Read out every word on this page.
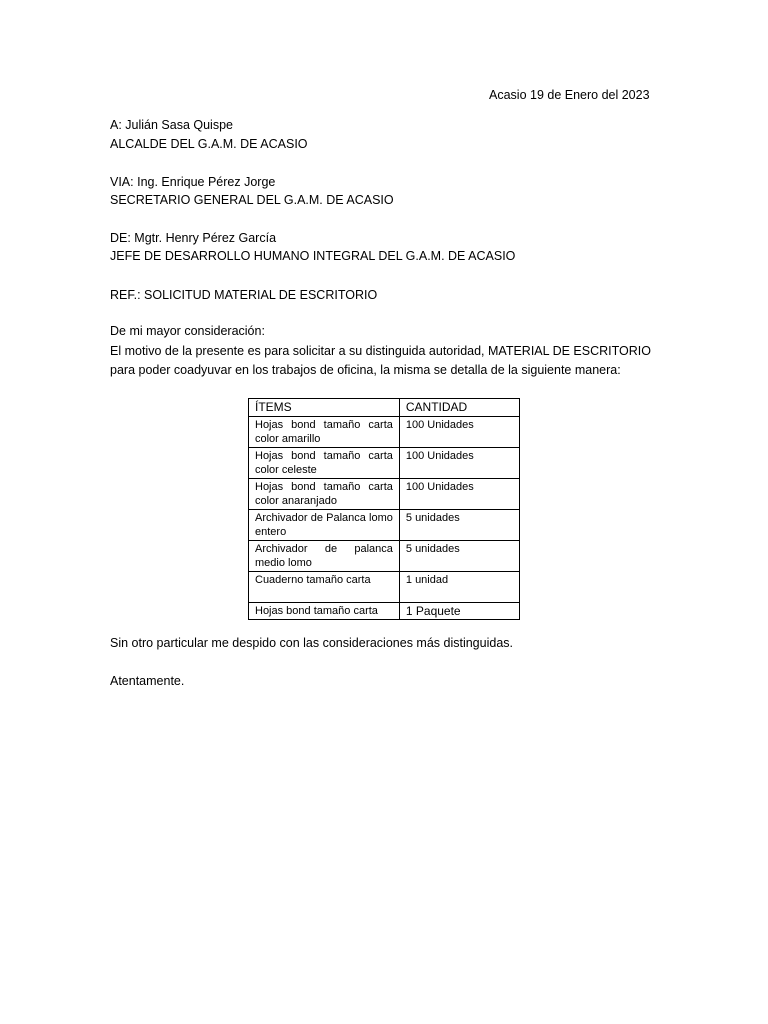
Acasio 19 de Enero del 2023
A: Julián Sasa Quispe
ALCALDE DEL G.A.M. DE ACASIO
VIA: Ing. Enrique Pérez Jorge
SECRETARIO GENERAL DEL G.A.M. DE ACASIO
DE: Mgtr. Henry Pérez García
JEFE DE DESARROLLO HUMANO INTEGRAL DEL G.A.M. DE ACASIO
REF.: SOLICITUD MATERIAL DE ESCRITORIO
De mi mayor consideración:
El motivo de la presente es para solicitar a su distinguida autoridad, MATERIAL DE ESCRITORIO
para poder coadyuvar en los trabajos de oficina, la misma se detalla de la siguiente manera:
ÍTEMS	CANTIDAD
Hojas bond tamaño carta color amarillo	100 Unidades
Hojas bond tamaño carta color celeste	100 Unidades
Hojas bond tamaño carta color anaranjado	100 Unidades
Archivador de Palanca lomo entero	5 unidades
Archivador de palanca medio lomo	5 unidades
Cuaderno tamaño carta	1 unidad
Hojas bond tamaño carta	1 Paquete
Sin otro particular me despido con las consideraciones más distinguidas.
Atentamente.
